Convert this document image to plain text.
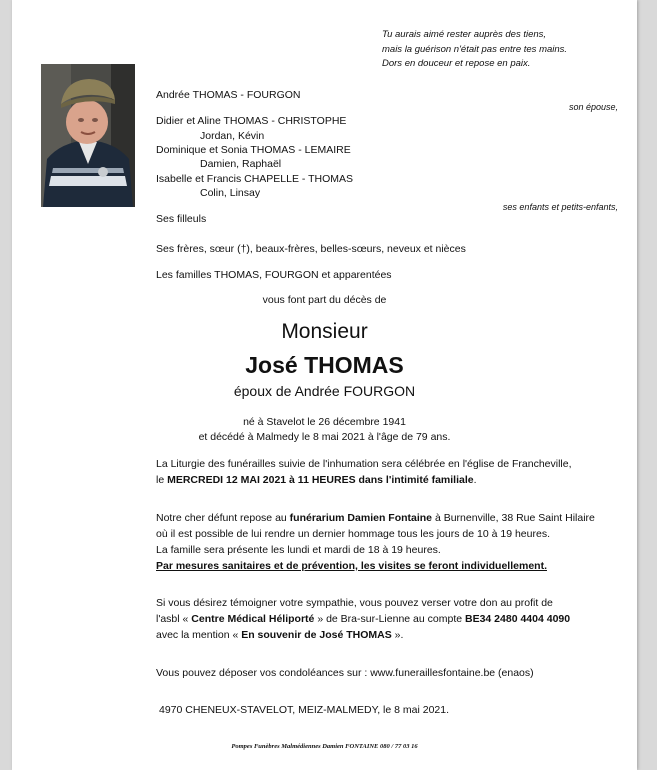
Tu aurais aimé rester auprès des tiens,
mais la guérison n'était pas entre tes mains.
Dors en douceur et repose en paix.
Andrée THOMAS - FOURGON
son épouse,
Didier et Aline THOMAS - CHRISTOPHE
Jordan, Kévin
Dominique et Sonia THOMAS - LEMAIRE
Damien, Raphaël
Isabelle et Francis CHAPELLE - THOMAS
Colin, Linsay
ses enfants et petits-enfants,
Ses filleuls
Ses frères, sœur (†), beaux-frères, belles-sœurs, neveux et nièces
Les familles THOMAS, FOURGON et apparentées
vous font part du décès de
Monsieur
José THOMAS
époux de Andrée FOURGON
né à Stavelot le 26 décembre 1941
et décédé à Malmedy le 8 mai 2021 à l'âge de 79 ans.
La Liturgie des funérailles suivie de l'inhumation sera célébrée en l'église de Francheville,
le MERCREDI 12 MAI 2021 à 11 HEURES dans l'intimité familiale.
Notre cher défunt repose au funérarium Damien Fontaine à Burnenville, 38 Rue Saint Hilaire
où il est possible de lui rendre un dernier hommage tous les jours de 10 à 19 heures.
La famille sera présente les lundi et mardi de 18 à 19 heures.
Par mesures sanitaires et de prévention, les visites se feront individuellement.
Si vous désirez témoigner votre sympathie, vous pouvez verser votre don au profit de
l'asbl « Centre Médical Héliporté » de Bra-sur-Lienne au compte BE34 2480 4404 4090
avec la mention « En souvenir de José THOMAS ».
Vous pouvez déposer vos condoléances sur : www.funeraillesfontaine.be (enaos)
4970 CHENEUX-STAVELOT, MEIZ-MALMEDY, le 8 mai 2021.
Pompes Funèbres Malmédiennes Damien FONTAINE 080 / 77 03 16
